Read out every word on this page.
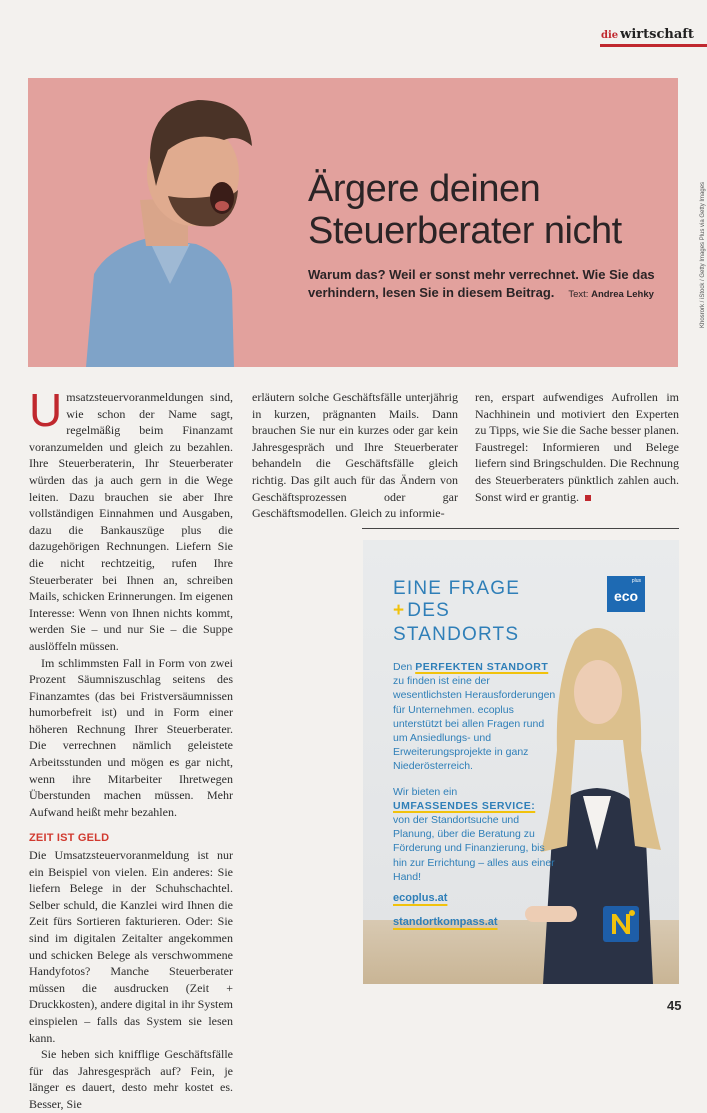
die wirtschaft
Ärgere deinen
Steuerberater nicht
Warum das? Weil er sonst mehr verrechnet. Wie Sie das verhindern, lesen Sie in diesem Beitrag. Text: Andrea Lehky	Khosrork / iStock / Getty Images Plus via Getty Images

Umsatzsteuervoranmeldungen sind, wie schon der Name sagt, regelmäßig beim Finanzamt voranzumelden und gleich zu bezahlen. Ihre Steuerberaterin, Ihr Steuerberater würden das ja auch gern in die Wege leiten. Dazu brauchen sie aber Ihre vollständigen Einnahmen und Ausgaben, dazu die Bankauszüge plus die dazugehörigen Rechnungen. Liefern Sie die nicht rechtzeitig, rufen Ihre Steuerberater bei Ihnen an, schreiben Mails, schicken Erinnerungen. Im eigenen Interesse: Wenn von Ihnen nichts kommt, werden Sie – und nur Sie – die Suppe auslöffeln müssen.

Im schlimmsten Fall in Form von zwei Prozent Säumniszuschlag seitens des Finanzamtes (das bei Fristversäumnissen humorbefreit ist) und in Form einer höheren Rechnung Ihrer Steuerberater. Die verrechnen nämlich geleistete Arbeitsstunden und mögen es gar nicht, wenn ihre Mitarbeiter Ihretwegen Überstunden machen müssen. Mehr Aufwand heißt mehr bezahlen.

ZEIT IST GELD

Die Umsatzsteuervoranmeldung ist nur ein Beispiel von vielen. Ein anderes: Sie liefern Belege in der Schuhschachtel. Selber schuld, die Kanzlei wird Ihnen die Zeit fürs Sortieren fakturieren. Oder: Sie sind im digitalen Zeitalter angekommen und schicken Belege als verschwommene Handyfotos? Manche Steuerberater müssen die ausdrucken (Zeit + Druckkosten), andere digital in ihr System einspielen – falls das System sie lesen kann.

Sie heben sich knifflige Geschäftsfälle für das Jahresgespräch auf? Fein, je länger es dauert, desto mehr kostet es. Besser, Sie

erläutern solche Geschäftsfälle unterjährig in kurzen, prägnanten Mails. Dann brauchen Sie nur ein kurzes oder gar kein Jahresgespräch und Ihre Steuerberater behandeln die Geschäftsfälle gleich richtig. Das gilt auch für das Ändern von Geschäftsprozessen oder gar Geschäftsmodellen. Gleich zu informie-

ren, erspart aufwendiges Aufrollen im Nachhinein und motiviert den Experten zu Tipps, wie Sie die Sache besser planen. Faustregel: Informieren und Belege liefern sind Bringschulden. Die Rechnung des Steuerberaters pünktlich zahlen auch. Sonst wird er grantig.

EINE FRAGE
+ DES
STANDORTS
plus
eco

Den PERFEKTEN STANDORT zu finden ist eine der wesentlichsten Herausforderungen für Unternehmen. ecoplus unterstützt bei allen Fragen rund um Ansiedlungs- und Erweiterungsprojekte in ganz Niederösterreich.

Wir bieten ein
UMFASSENDES SERVICE:
von der Standortsuche und Planung, über die Beratung zu Förderung und Finanzierung, bis hin zur Errichtung – alles aus einer Hand!

ecoplus.at
standortkompass.at
45
